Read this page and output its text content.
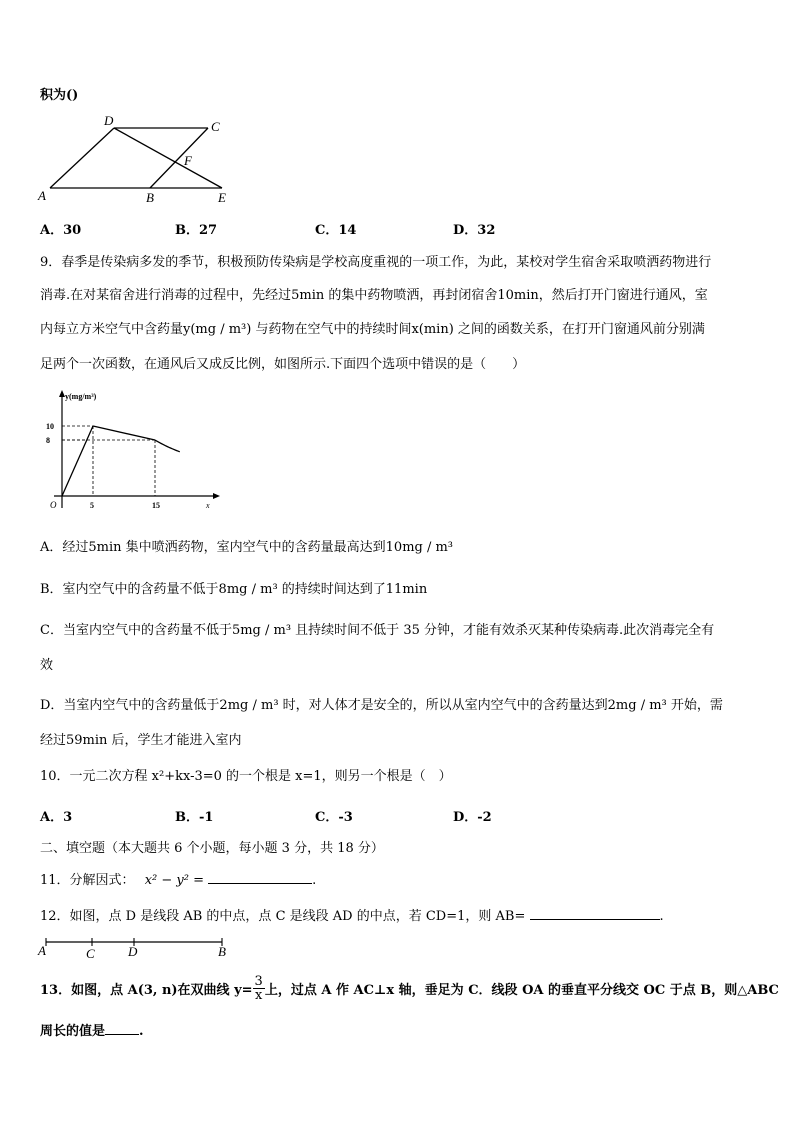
积为()
D	C
F
A	B	E
A．30	B．27	C．14	D．32
9．春季是传染病多发的季节，积极预防传染病是学校高度重视的一项工作，为此，某校对学生宿舍采取喷洒药物进行
消毒.在对某宿舍进行消毒的过程中，先经过5min 的集中药物喷洒，再封闭宿舍10min，然后打开门窗进行通风，室
内每立方米空气中含药量y(mg / m³) 与药物在空气中的持续时间x(min) 之间的函数关系，在打开门窗通风前分别满
足两个一次函数，在通风后又成反比例，如图所示.下面四个选项中错误的是（　　）
y(mg/m³)
x
O	5	15
10
8
A．经过5min 集中喷洒药物，室内空气中的含药量最高达到10mg / m³
B．室内空气中的含药量不低于8mg / m³ 的持续时间达到了11min
C．当室内空气中的含药量不低于5mg / m³ 且持续时间不低于 35 分钟，才能有效杀灭某种传染病毒.此次消毒完全有
效
D．当室内空气中的含药量低于2mg / m³ 时，对人体才是安全的，所以从室内空气中的含药量达到2mg / m³ 开始，需
经过59min 后，学生才能进入室内
10．一元二次方程 x²+kx-3=0 的一个根是 x=1，则另一个根是（　）
A．3	B．-1	C．-3	D．-2
二、填空题（本大题共 6 个小题，每小题 3 分，共 18 分）
11．分解因式： x² − y² =	.
12．如图，点 D 是线段 AB 的中点，点 C 是线段 AD 的中点，若 CD=1，则 AB=	.
A	C	D	B
13．如图，点 A(3, n)在双曲线 $y= \frac{3}{x}$ 上，过点 A 作 AC⊥x 轴，垂足为 C．线段 OA 的垂直平分线交 OC 于点 B，则△ABC
周长的值是	.
